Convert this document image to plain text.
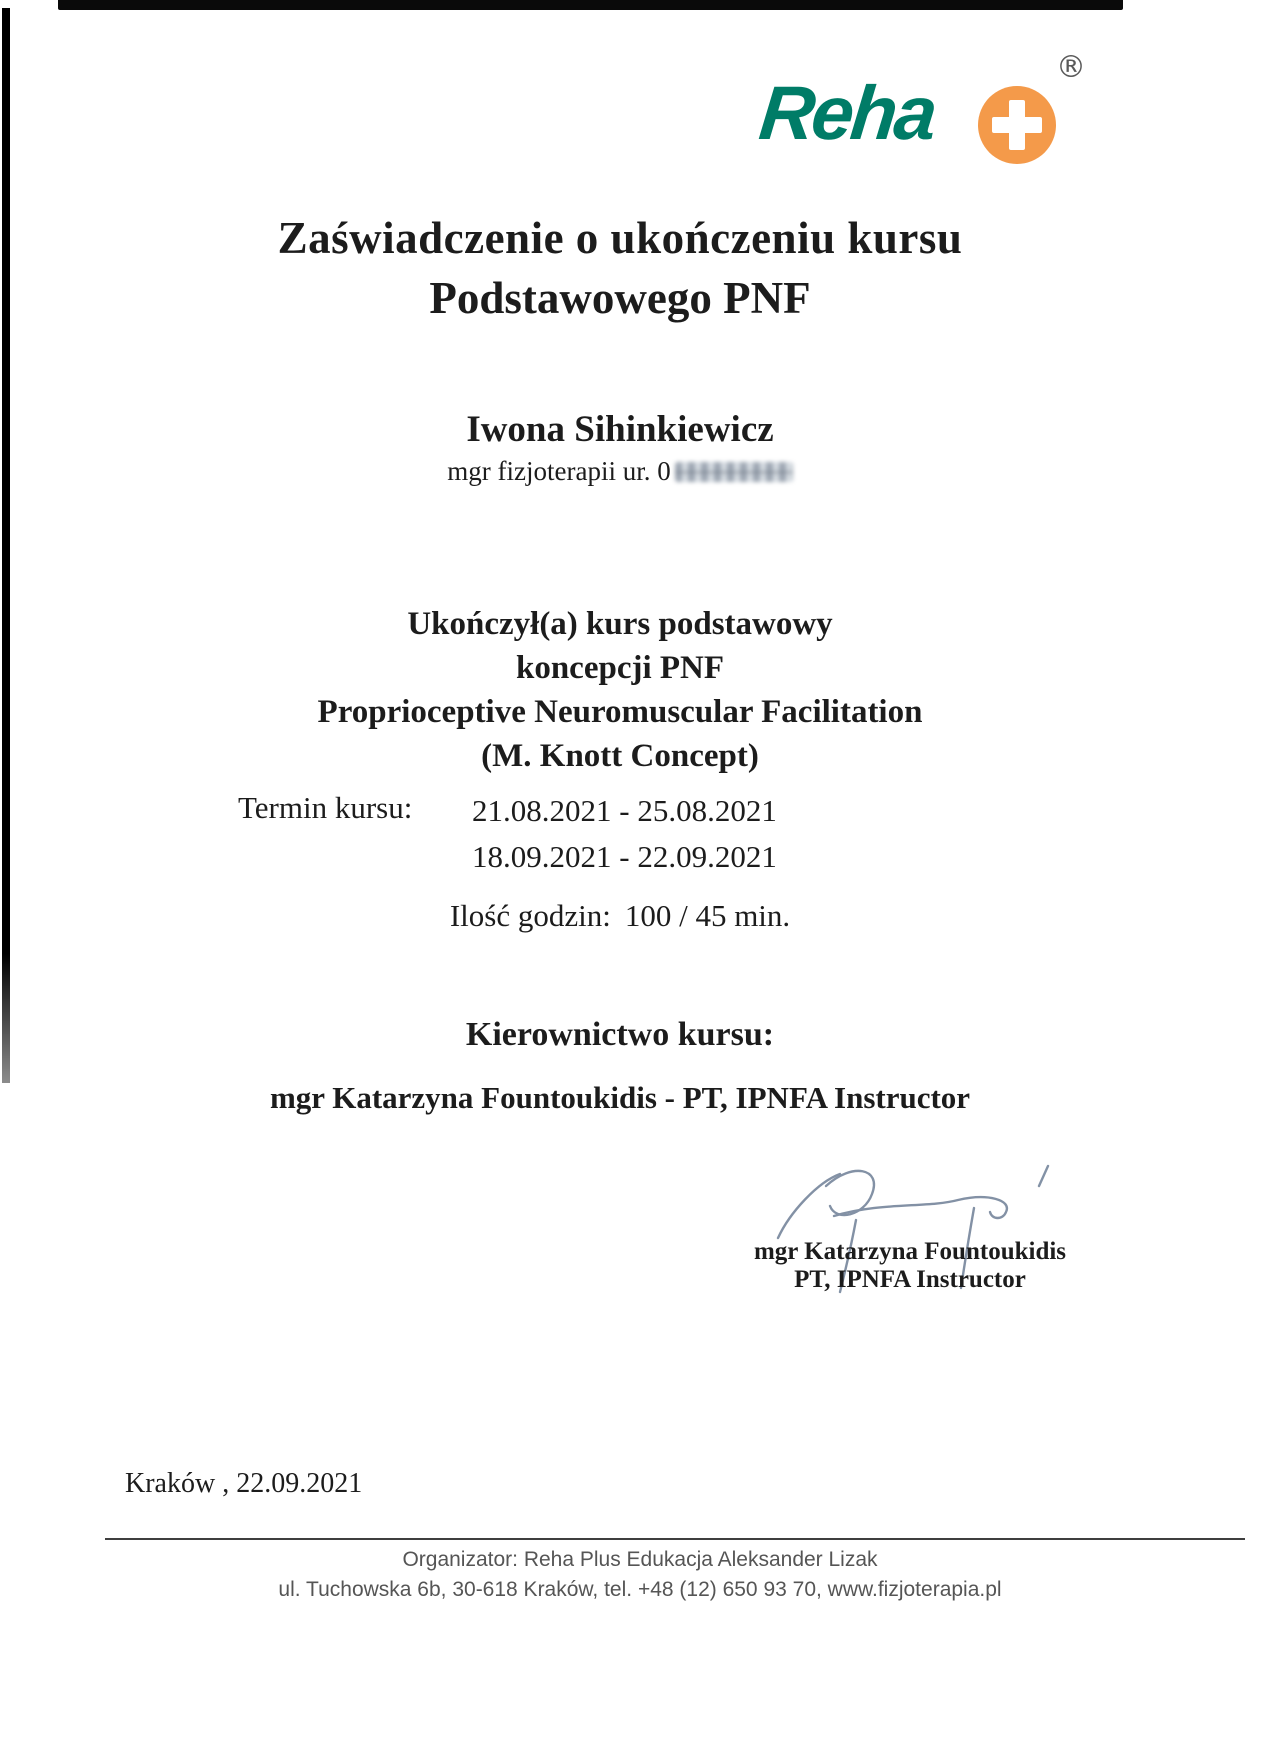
Reha
®
Zaświadczenie o ukończeniu kursu
Podstawowego PNF
Iwona Sihinkiewicz
mgr fizjoterapii ur. 0
Ukończył(a) kurs podstawowy
koncepcji PNF
Proprioceptive Neuromuscular Facilitation
(M. Knott Concept)
Termin kursu: 21.08.2021 - 25.08.2021
18.09.2021 - 22.09.2021
Ilość godzin: 100 / 45 min.
Kierownictwo kursu:
mgr Katarzyna Fountoukidis - PT, IPNFA Instructor
mgr Katarzyna Fountoukidis
PT, IPNFA Instructor
Kraków , 22.09.2021
Organizator: Reha Plus Edukacja Aleksander Lizak
ul. Tuchowska 6b, 30-618 Kraków, tel. +48 (12) 650 93 70, www.fizjoterapia.pl
